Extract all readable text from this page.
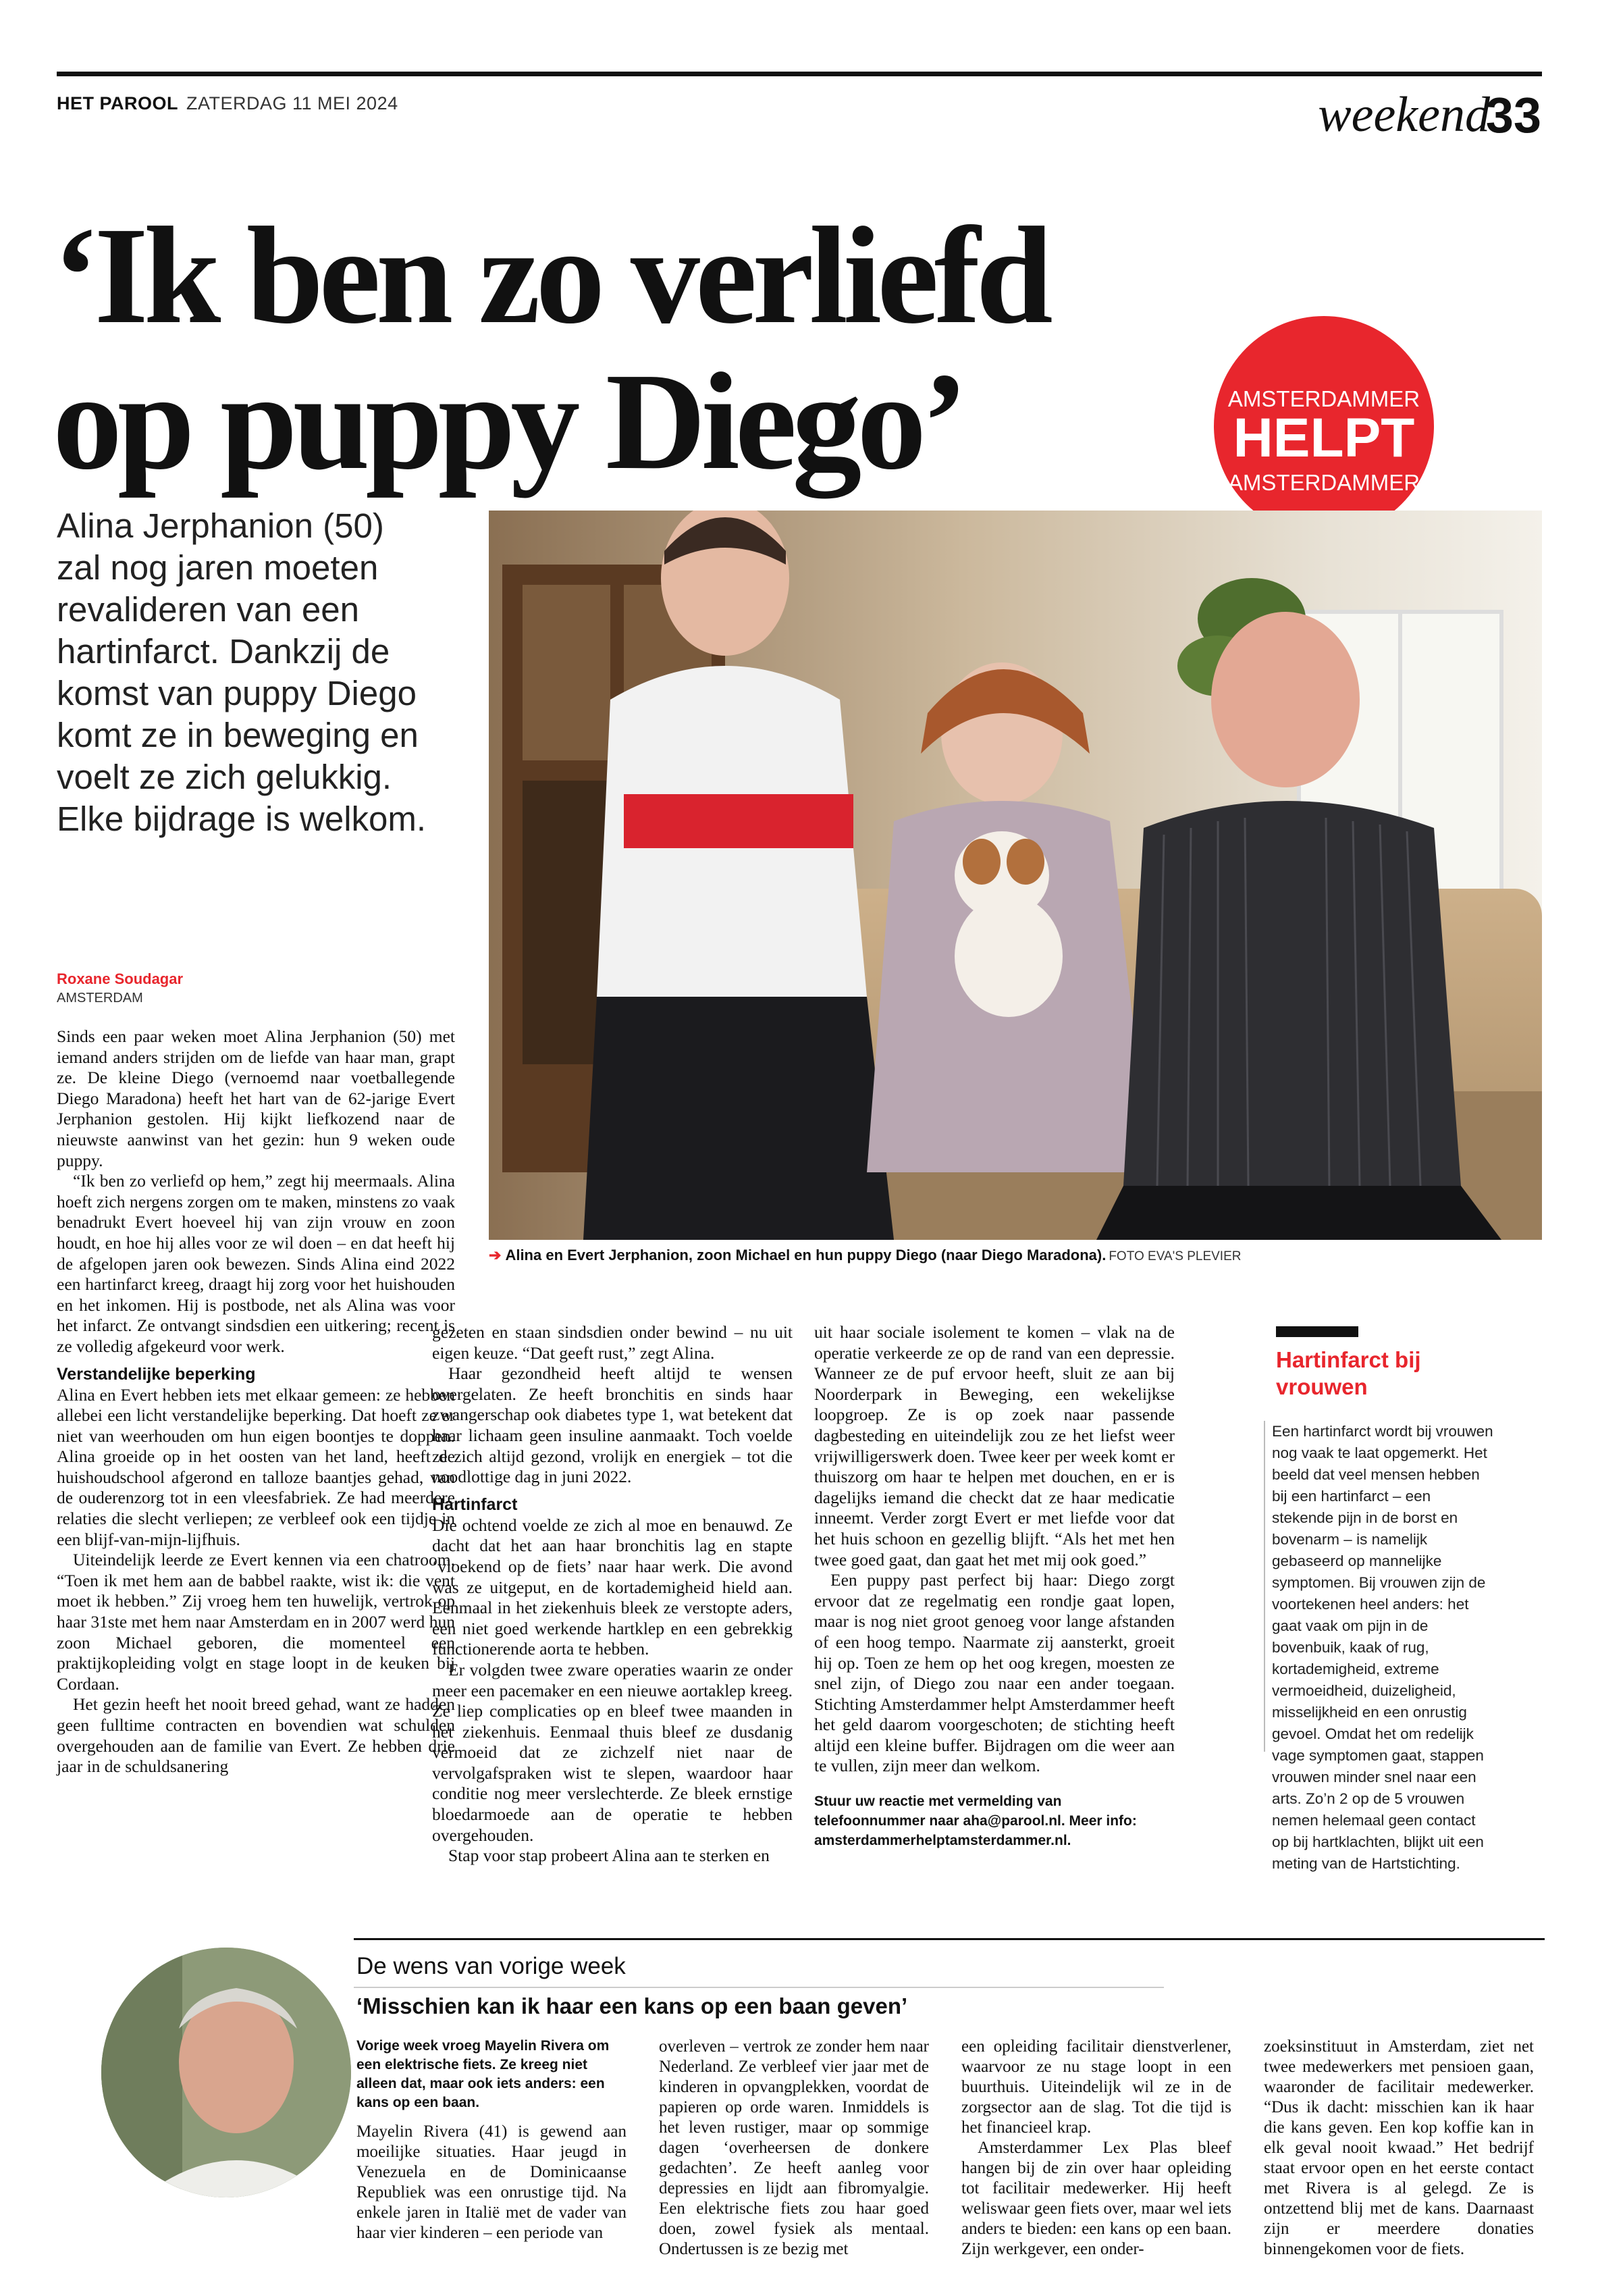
HET PAROOL ZATERDAG 11 MEI 2024	weekend
33
‘Ik ben zo verliefd
op puppy Diego’	AMSTERDAMMER
HELPT
AMSTERDAMMER

Alina Jerphanion (50) zal nog jaren moeten revalideren van een hartinfarct. Dankzij de komst van puppy Diego komt ze in beweging en voelt ze zich gelukkig. Elke bijdrage is welkom.

➔ Alina en Evert Jerphanion, zoon Michael en hun puppy Diego (naar Diego Maradona). FOTO EVA'S PLEVIER
Roxane Soudagar
AMSTERDAM

Sinds een paar weken moet Alina Jerphanion (50) met iemand anders strijden om de liefde van haar man, grapt ze. De kleine Diego (vernoemd naar voetballegende Diego Maradona) heeft het hart van de 62-jarige Evert Jerphanion gestolen. Hij kijkt liefkozend naar de nieuwste aanwinst van het gezin: hun 9 weken oude puppy.

“Ik ben zo verliefd op hem,” zegt hij meermaals. Alina hoeft zich nergens zorgen om te maken, minstens zo vaak benadrukt Evert hoeveel hij van zijn vrouw en zoon houdt, en hoe hij alles voor ze wil doen – en dat heeft hij de afgelopen jaren ook bewezen. Sinds Alina eind 2022 een hartinfarct kreeg, draagt hij zorg voor het huishouden en het inkomen. Hij is postbode, net als Alina was voor het infarct. Ze ontvangt sindsdien een uitkering; recent is ze volledig afgekeurd voor werk.

Verstandelijke beperking

Alina en Evert hebben iets met elkaar gemeen: ze hebben allebei een licht verstandelijke beperking. Dat hoeft ze er niet van weerhouden om hun eigen boontjes te doppen. Alina groeide op in het oosten van het land, heeft de huishoudschool afgerond en talloze baantjes gehad, van de ouderenzorg tot in een vleesfabriek. Ze had meerdere relaties die slecht verliepen; ze verbleef ook een tijdje in een blijf-van-mijn-lijfhuis.

Uiteindelijk leerde ze Evert kennen via een chatroom. “Toen ik met hem aan de babbel raakte, wist ik: die vent moet ik hebben.” Zij vroeg hem ten huwelijk, vertrok op haar 31ste met hem naar Amsterdam en in 2007 werd hun zoon Michael geboren, die momenteel een praktijkopleiding volgt en stage loopt in de keuken bij Cordaan.

Het gezin heeft het nooit breed gehad, want ze hadden geen fulltime contracten en bovendien wat schulden overgehouden aan de familie van Evert. Ze hebben drie jaar in de schuldsanering

gezeten en staan sindsdien onder bewind – nu uit eigen keuze. “Dat geeft rust,” zegt Alina.

Haar gezondheid heeft altijd te wensen overgelaten. Ze heeft bronchitis en sinds haar zwangerschap ook diabetes type 1, wat betekent dat haar lichaam geen insuline aanmaakt. Toch voelde ze zich altijd gezond, vrolijk en energiek – tot die noodlottige dag in juni 2022.

Hartinfarct

Die ochtend voelde ze zich al moe en benauwd. Ze dacht dat het aan haar bronchitis lag en stapte ‘vloekend op de fiets’ naar haar werk. Die avond was ze uitgeput, en de kortademigheid hield aan. Eenmaal in het ziekenhuis bleek ze verstopte aders, een niet goed werkende hartklep en een gebrekkig functionerende aorta te hebben.

Er volgden twee zware operaties waarin ze onder meer een pacemaker en een nieuwe aortaklep kreeg. Ze liep complicaties op en bleef twee maanden in het ziekenhuis. Eenmaal thuis bleef ze dusdanig vermoeid dat ze zichzelf niet naar de vervolgafspraken wist te slepen, waardoor haar conditie nog meer verslechterde. Ze bleek ernstige bloedarmoede aan de operatie te hebben overgehouden.

Stap voor stap probeert Alina aan te sterken en

uit haar sociale isolement te komen – vlak na de operatie verkeerde ze op de rand van een depressie. Wanneer ze de puf ervoor heeft, sluit ze aan bij Noorderpark in Beweging, een wekelijkse loopgroep. Ze is op zoek naar passende dagbesteding en uiteindelijk zou ze het liefst weer vrijwilligerswerk doen. Twee keer per week komt er thuiszorg om haar te helpen met douchen, en er is dagelijks iemand die checkt dat ze haar medicatie inneemt. Verder zorgt Evert er met liefde voor dat het huis schoon en gezellig blijft. “Als het met hen twee goed gaat, dan gaat het met mij ook goed.”

Een puppy past perfect bij haar: Diego zorgt ervoor dat ze regelmatig een rondje gaat lopen, maar is nog niet groot genoeg voor lange afstanden of een hoog tempo. Naarmate zij aansterkt, groeit hij op. Toen ze hem op het oog kregen, moesten ze snel zijn, of Diego zou naar een ander toegaan. Stichting Amsterdammer helpt Amsterdammer heeft het geld daarom voorgeschoten; de stichting heeft altijd een kleine buffer. Bijdragen om die weer aan te vullen, zijn meer dan welkom.

Stuur uw reactie met vermelding van telefoonnummer naar aha@parool.nl. Meer info: amsterdammerhelptamsterdammer.nl.

Hartinfarct bij vrouwen
Een hartinfarct wordt bij vrouwen nog vaak te laat opgemerkt. Het beeld dat veel mensen hebben bij een hartinfarct – een stekende pijn in de borst en bovenarm – is namelijk gebaseerd op mannelijke symptomen. Bij vrouwen zijn de voortekenen heel anders: het gaat vaak om pijn in de bovenbuik, kaak of rug, kortademigheid, extreme vermoeidheid, duizeligheid, misselijkheid en een onrustig gevoel. Omdat het om redelijk vage symptomen gaat, stappen vrouwen minder snel naar een arts. Zo’n 2 op de 5 vrouwen nemen helemaal geen contact op bij hartklachten, blijkt uit een meting van de Hartstichting.
De wens van vorige week
‘Misschien kan ik haar een kans op een baan geven’

Vorige week vroeg Mayelin Rivera om een elektrische fiets. Ze kreeg niet alleen dat, maar ook iets anders: een kans op een baan.

Mayelin Rivera (41) is gewend aan moeilijke situaties. Haar jeugd in Venezuela en de Dominicaanse Republiek was een onrustige tijd. Na enkele jaren in Italië met de vader van haar vier kinderen – een periode van

overleven – vertrok ze zonder hem naar Nederland. Ze verbleef vier jaar met de kinderen in opvangplekken, voordat de papieren op orde waren. Inmiddels is het leven rustiger, maar op sommige dagen ‘overheersen de donkere gedachten’. Ze heeft aanleg voor depressies en lijdt aan fibromyalgie. Een elektrische fiets zou haar goed doen, zowel fysiek als mentaal. Ondertussen is ze bezig met

een opleiding facilitair dienstverlener, waarvoor ze nu stage loopt in een buurthuis. Uiteindelijk wil ze in de zorgsector aan de slag. Tot die tijd is het financieel krap.

Amsterdammer Lex Plas bleef hangen bij de zin over haar opleiding tot facilitair medewerker. Hij heeft weliswaar geen fiets over, maar wel iets anders te bieden: een kans op een baan. Zijn werkgever, een onder-

zoeksinstituut in Amsterdam, ziet net twee medewerkers met pensioen gaan, waaronder de facilitair medewerker. “Dus ik dacht: misschien kan ik haar die kans geven. Een kop koffie kan in elk geval nooit kwaad.” Het bedrijf staat ervoor open en het eerste contact met Rivera is al gelegd. Ze is ontzettend blij met de kans. Daarnaast zijn er meerdere donaties binnengekomen voor de fiets.
